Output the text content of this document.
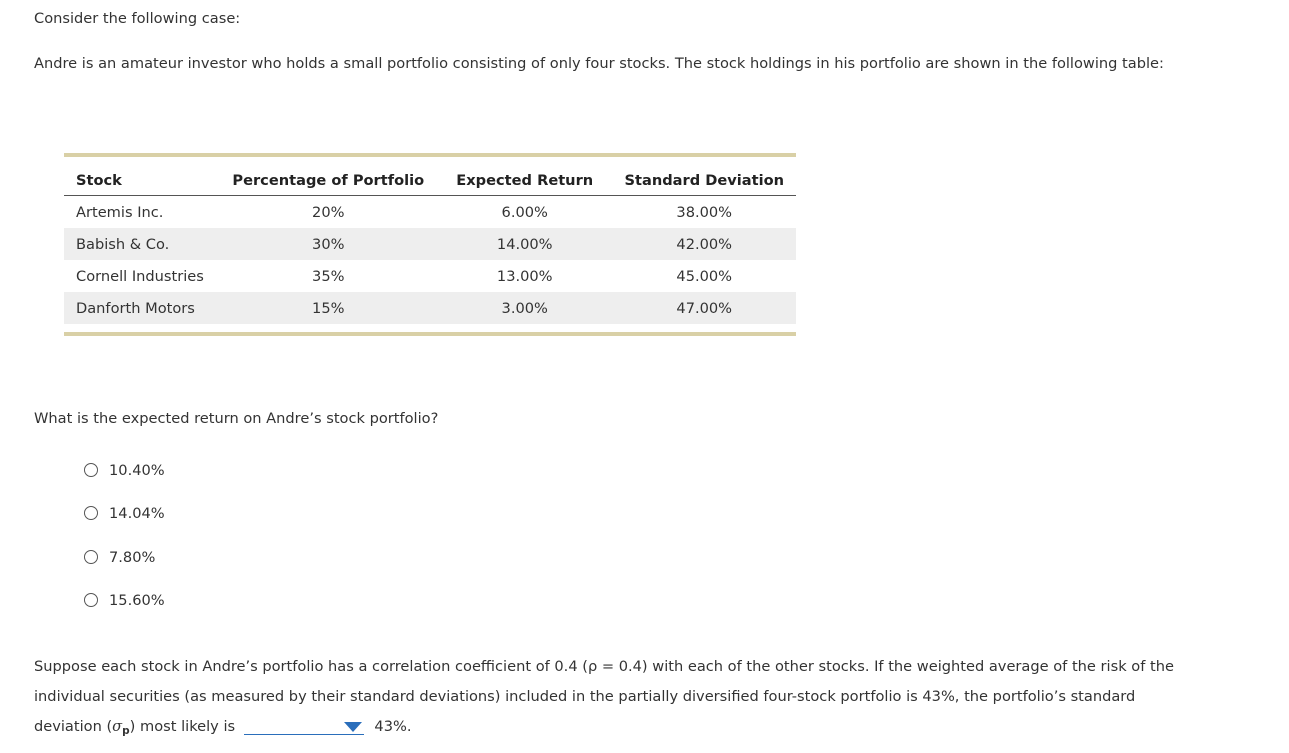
Consider the following case:
Andre is an amateur investor who holds a small portfolio consisting of only four stocks. The stock holdings in his portfolio are shown in the following table:
Stock	Percentage of Portfolio	Expected Return	Standard Deviation
Artemis Inc.	20%	6.00%	38.00%
Babish & Co.	30%	14.00%	42.00%
Cornell Industries	35%	13.00%	45.00%
Danforth Motors	15%	3.00%	47.00%
What is the expected return on Andre’s stock portfolio?
10.40%
14.04%
7.80%
15.60%
Suppose each stock in Andre’s portfolio has a correlation coefficient of 0.4 (ρ = 0.4) with each of the other stocks. If the weighted average of the risk of the individual securities (as measured by their standard deviations) included in the partially diversified four-stock portfolio is 43%, the portfolio’s standard deviation $(\sigma_p)$ most likely is	43%.
